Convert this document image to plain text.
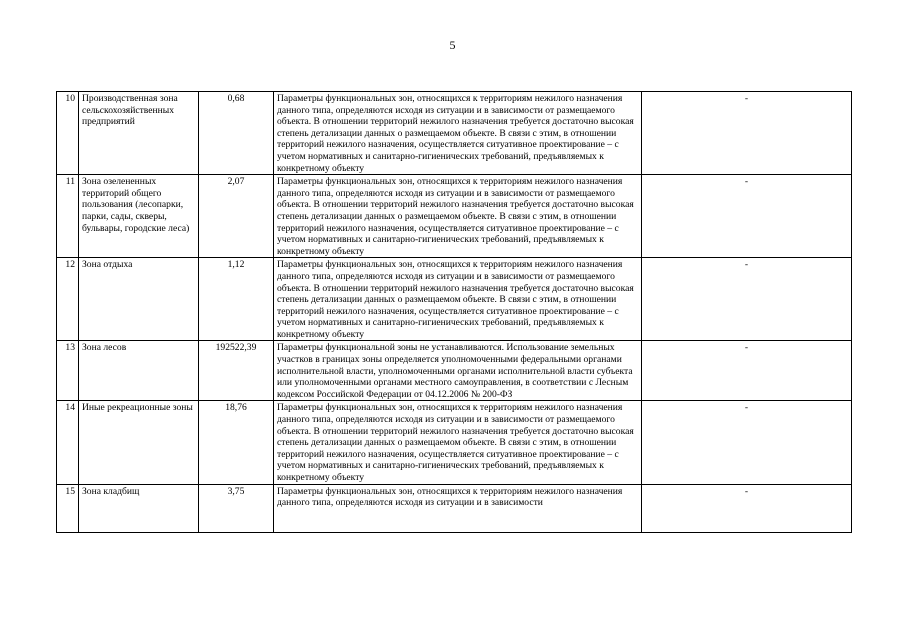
5
10	Производственная зона сельскохозяйственных предприятий	0,68	Параметры функциональных зон, относящихся к территориям нежилого назначения данного типа, определяются исходя из ситуации и в зависимости от размещаемого объекта. В отношении территорий нежилого назначения требуется достаточно высокая степень детализации данных о размещаемом объекте. В связи с этим, в отношении территорий нежилого назначения, осуществляется ситуативное проектирование – с учетом нормативных и санитарно-гигиенических требований, предъявляемых к конкретному объекту	-
11	Зона озелененных территорий общего пользования (лесопарки, парки, сады, скверы, бульвары, городские леса)	2,07	Параметры функциональных зон, относящихся к территориям нежилого назначения данного типа, определяются исходя из ситуации и в зависимости от размещаемого объекта. В отношении территорий нежилого назначения требуется достаточно высокая степень детализации данных о размещаемом объекте. В связи с этим, в отношении территорий нежилого назначения, осуществляется ситуативное проектирование – с учетом нормативных и санитарно-гигиенических требований, предъявляемых к конкретному объекту	-
12	Зона отдыха	1,12	Параметры функциональных зон, относящихся к территориям нежилого назначения данного типа, определяются исходя из ситуации и в зависимости от размещаемого объекта. В отношении территорий нежилого назначения требуется достаточно высокая степень детализации данных о размещаемом объекте. В связи с этим, в отношении территорий нежилого назначения, осуществляется ситуативное проектирование – с учетом нормативных и санитарно-гигиенических требований, предъявляемых к конкретному объекту	-
13	Зона лесов	192522,39	Параметры функциональной зоны не устанавливаются. Использование земельных участков в границах зоны определяется уполномоченными федеральными органами исполнительной власти, уполномоченными органами исполнительной власти субъекта или уполномоченными органами местного самоуправления, в соответствии с Лесным кодексом Российской Федерации от 04.12.2006 № 200-ФЗ	-
14	Иные рекреационные зоны	18,76	Параметры функциональных зон, относящихся к территориям нежилого назначения данного типа, определяются исходя из ситуации и в зависимости от размещаемого объекта. В отношении территорий нежилого назначения требуется достаточно высокая степень детализации данных о размещаемом объекте. В связи с этим, в отношении территорий нежилого назначения, осуществляется ситуативное проектирование – с учетом нормативных и санитарно-гигиенических требований, предъявляемых к конкретному объекту	-
15	Зона кладбищ	3,75	Параметры функциональных зон, относящихся к территориям нежилого назначения данного типа, определяются исходя из ситуации и в зависимости	-
